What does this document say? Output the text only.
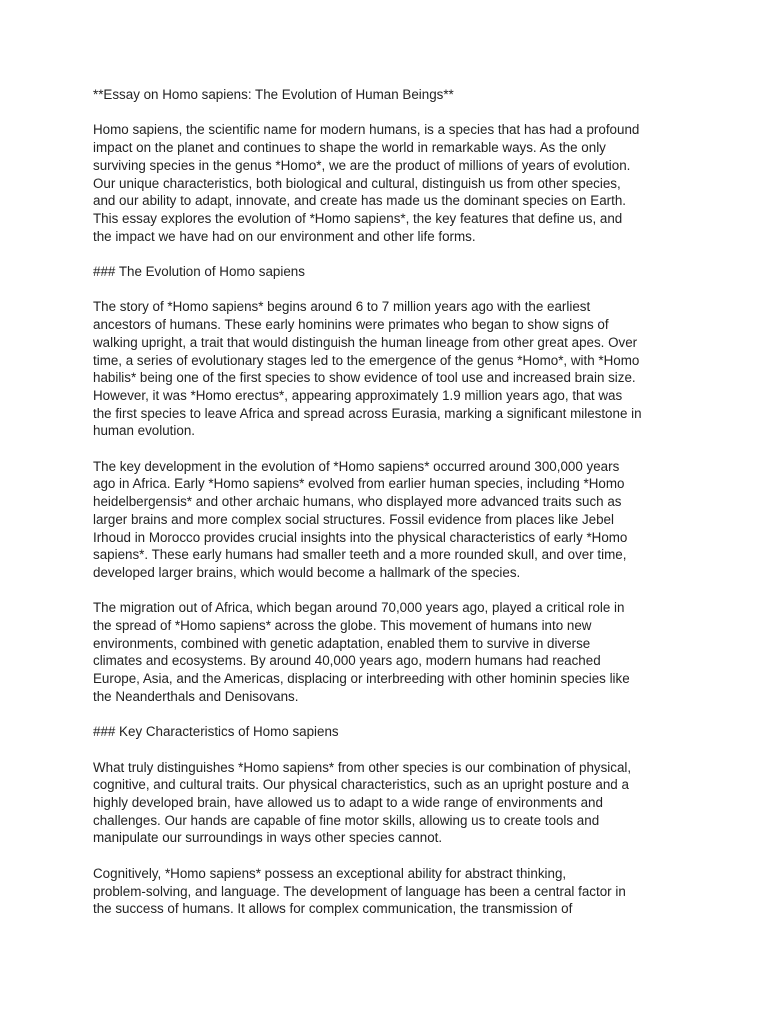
**Essay on Homo sapiens: The Evolution of Human Beings**

Homo sapiens, the scientific name for modern humans, is a species that has had a profound
impact on the planet and continues to shape the world in remarkable ways. As the only
surviving species in the genus *Homo*, we are the product of millions of years of evolution.
Our unique characteristics, both biological and cultural, distinguish us from other species,
and our ability to adapt, innovate, and create has made us the dominant species on Earth.
This essay explores the evolution of *Homo sapiens*, the key features that define us, and
the impact we have had on our environment and other life forms.

### The Evolution of Homo sapiens

The story of *Homo sapiens* begins around 6 to 7 million years ago with the earliest
ancestors of humans. These early hominins were primates who began to show signs of
walking upright, a trait that would distinguish the human lineage from other great apes. Over
time, a series of evolutionary stages led to the emergence of the genus *Homo*, with *Homo
habilis* being one of the first species to show evidence of tool use and increased brain size.
However, it was *Homo erectus*, appearing approximately 1.9 million years ago, that was
the first species to leave Africa and spread across Eurasia, marking a significant milestone in
human evolution.

The key development in the evolution of *Homo sapiens* occurred around 300,000 years
ago in Africa. Early *Homo sapiens* evolved from earlier human species, including *Homo
heidelbergensis* and other archaic humans, who displayed more advanced traits such as
larger brains and more complex social structures. Fossil evidence from places like Jebel
Irhoud in Morocco provides crucial insights into the physical characteristics of early *Homo
sapiens*. These early humans had smaller teeth and a more rounded skull, and over time,
developed larger brains, which would become a hallmark of the species.

The migration out of Africa, which began around 70,000 years ago, played a critical role in
the spread of *Homo sapiens* across the globe. This movement of humans into new
environments, combined with genetic adaptation, enabled them to survive in diverse
climates and ecosystems. By around 40,000 years ago, modern humans had reached
Europe, Asia, and the Americas, displacing or interbreeding with other hominin species like
the Neanderthals and Denisovans.

### Key Characteristics of Homo sapiens

What truly distinguishes *Homo sapiens* from other species is our combination of physical,
cognitive, and cultural traits. Our physical characteristics, such as an upright posture and a
highly developed brain, have allowed us to adapt to a wide range of environments and
challenges. Our hands are capable of fine motor skills, allowing us to create tools and
manipulate our surroundings in ways other species cannot.

Cognitively, *Homo sapiens* possess an exceptional ability for abstract thinking,
problem-solving, and language. The development of language has been a central factor in
the success of humans. It allows for complex communication, the transmission of
